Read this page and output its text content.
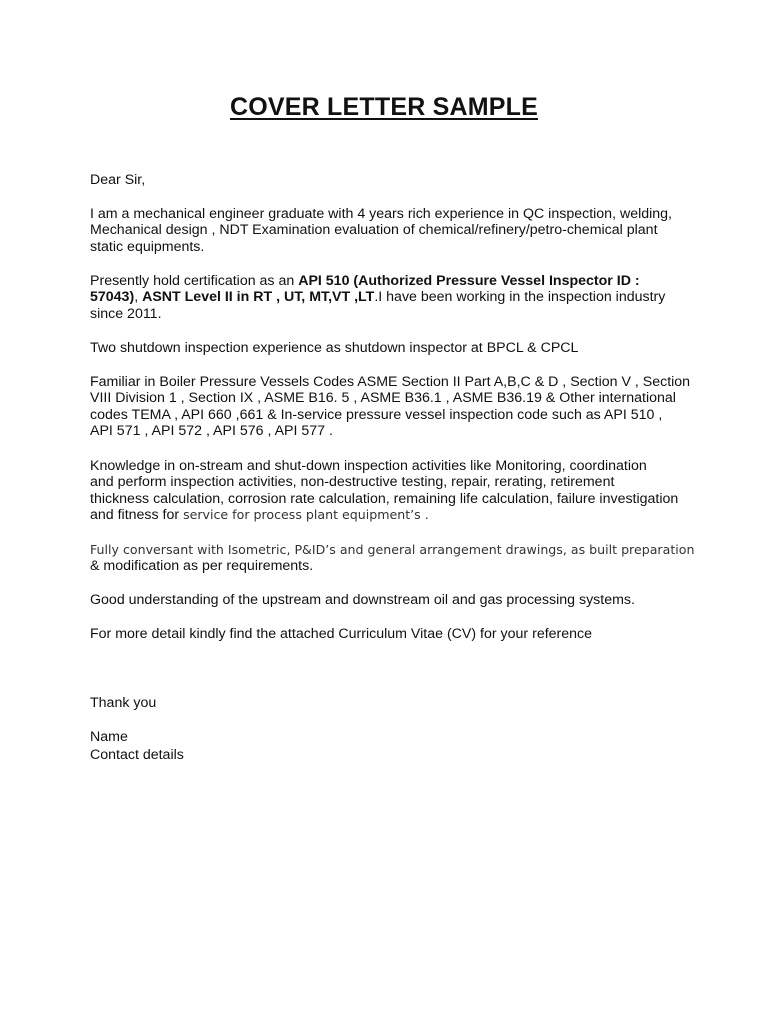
COVER LETTER SAMPLE

Dear Sir,

I am a mechanical engineer graduate with 4 years rich experience in QC inspection, welding,
Mechanical design , NDT Examination evaluation of chemical/refinery/petro-chemical plant
static equipments.

Presently hold certification as an API 510 (Authorized Pressure Vessel Inspector ID :
57043), ASNT Level II in RT , UT, MT,VT ,LT.I have been working in the inspection industry
since 2011.

Two shutdown inspection experience as shutdown inspector at BPCL & CPCL

Familiar in Boiler Pressure Vessels Codes ASME Section II Part A,B,C & D , Section V , Section
VIII Division 1 , Section IX , ASME B16. 5 , ASME B36.1 , ASME B36.19 & Other international
codes TEMA , API 660 ,661 & In-service pressure vessel inspection code such as API 510 ,
API 571 , API 572 , API 576 , API 577 .

Knowledge in on-stream and shut-down inspection activities like Monitoring, coordination
and perform inspection activities, non-destructive testing, repair, rerating, retirement
thickness calculation, corrosion rate calculation, remaining life calculation, failure investigation
and fitness for service for process plant equipment’s .

Fully conversant with Isometric, P&ID’s and general arrangement drawings, as built preparation
& modification as per requirements.

Good understanding of the upstream and downstream oil and gas processing systems.

For more detail kindly find the attached Curriculum Vitae (CV) for your reference

Thank you

Name

Contact details
